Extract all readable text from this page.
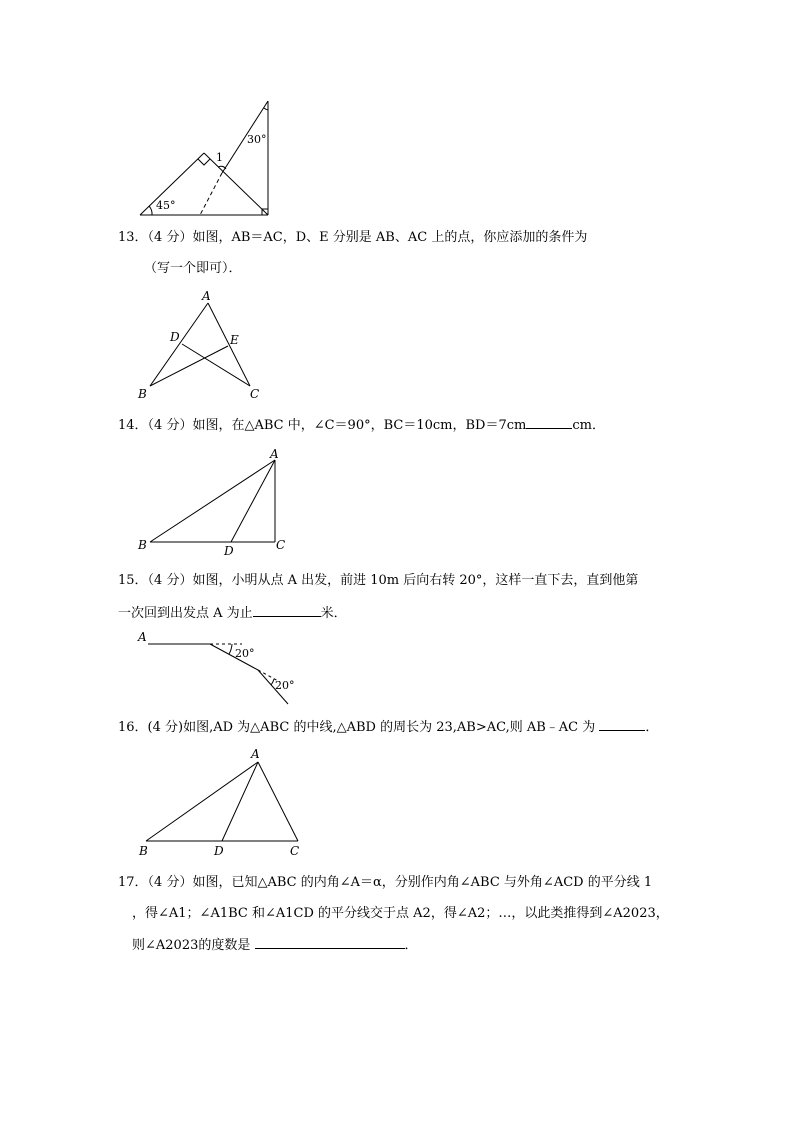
30°
1
45°
13．（4 分）如图，AB＝AC，D、E 分别是 AB、AC 上的点，你应添加的条件为
（写一个即可）．
A
D	E
B	C
14．（4 分）如图，在△ABC 中，∠C＝90°，BC＝10cm，BD＝7cm	cm．
A
B	D	C
15．（4 分）如图，小明从点 A 出发，前进 10m 后向右转 20°，这样一直下去，直到他第
一次回到出发点 A 为止	米．
A
20°
20°
16．(4 分)如图,AD 为△ABC 的中线,△ABD 的周长为 23,AB>AC,则 AB﹣AC 为	．
A
B	D	C
17．（4 分）如图，已知△ABC 的内角∠A＝α，分别作内角∠ABC 与外角∠ACD 的平分线 1
，得∠A1；∠A1BC 和∠A1CD 的平分线交于点 A2，得∠A2；…，以此类推得到∠A2023，
则∠A2023的度数是	．
